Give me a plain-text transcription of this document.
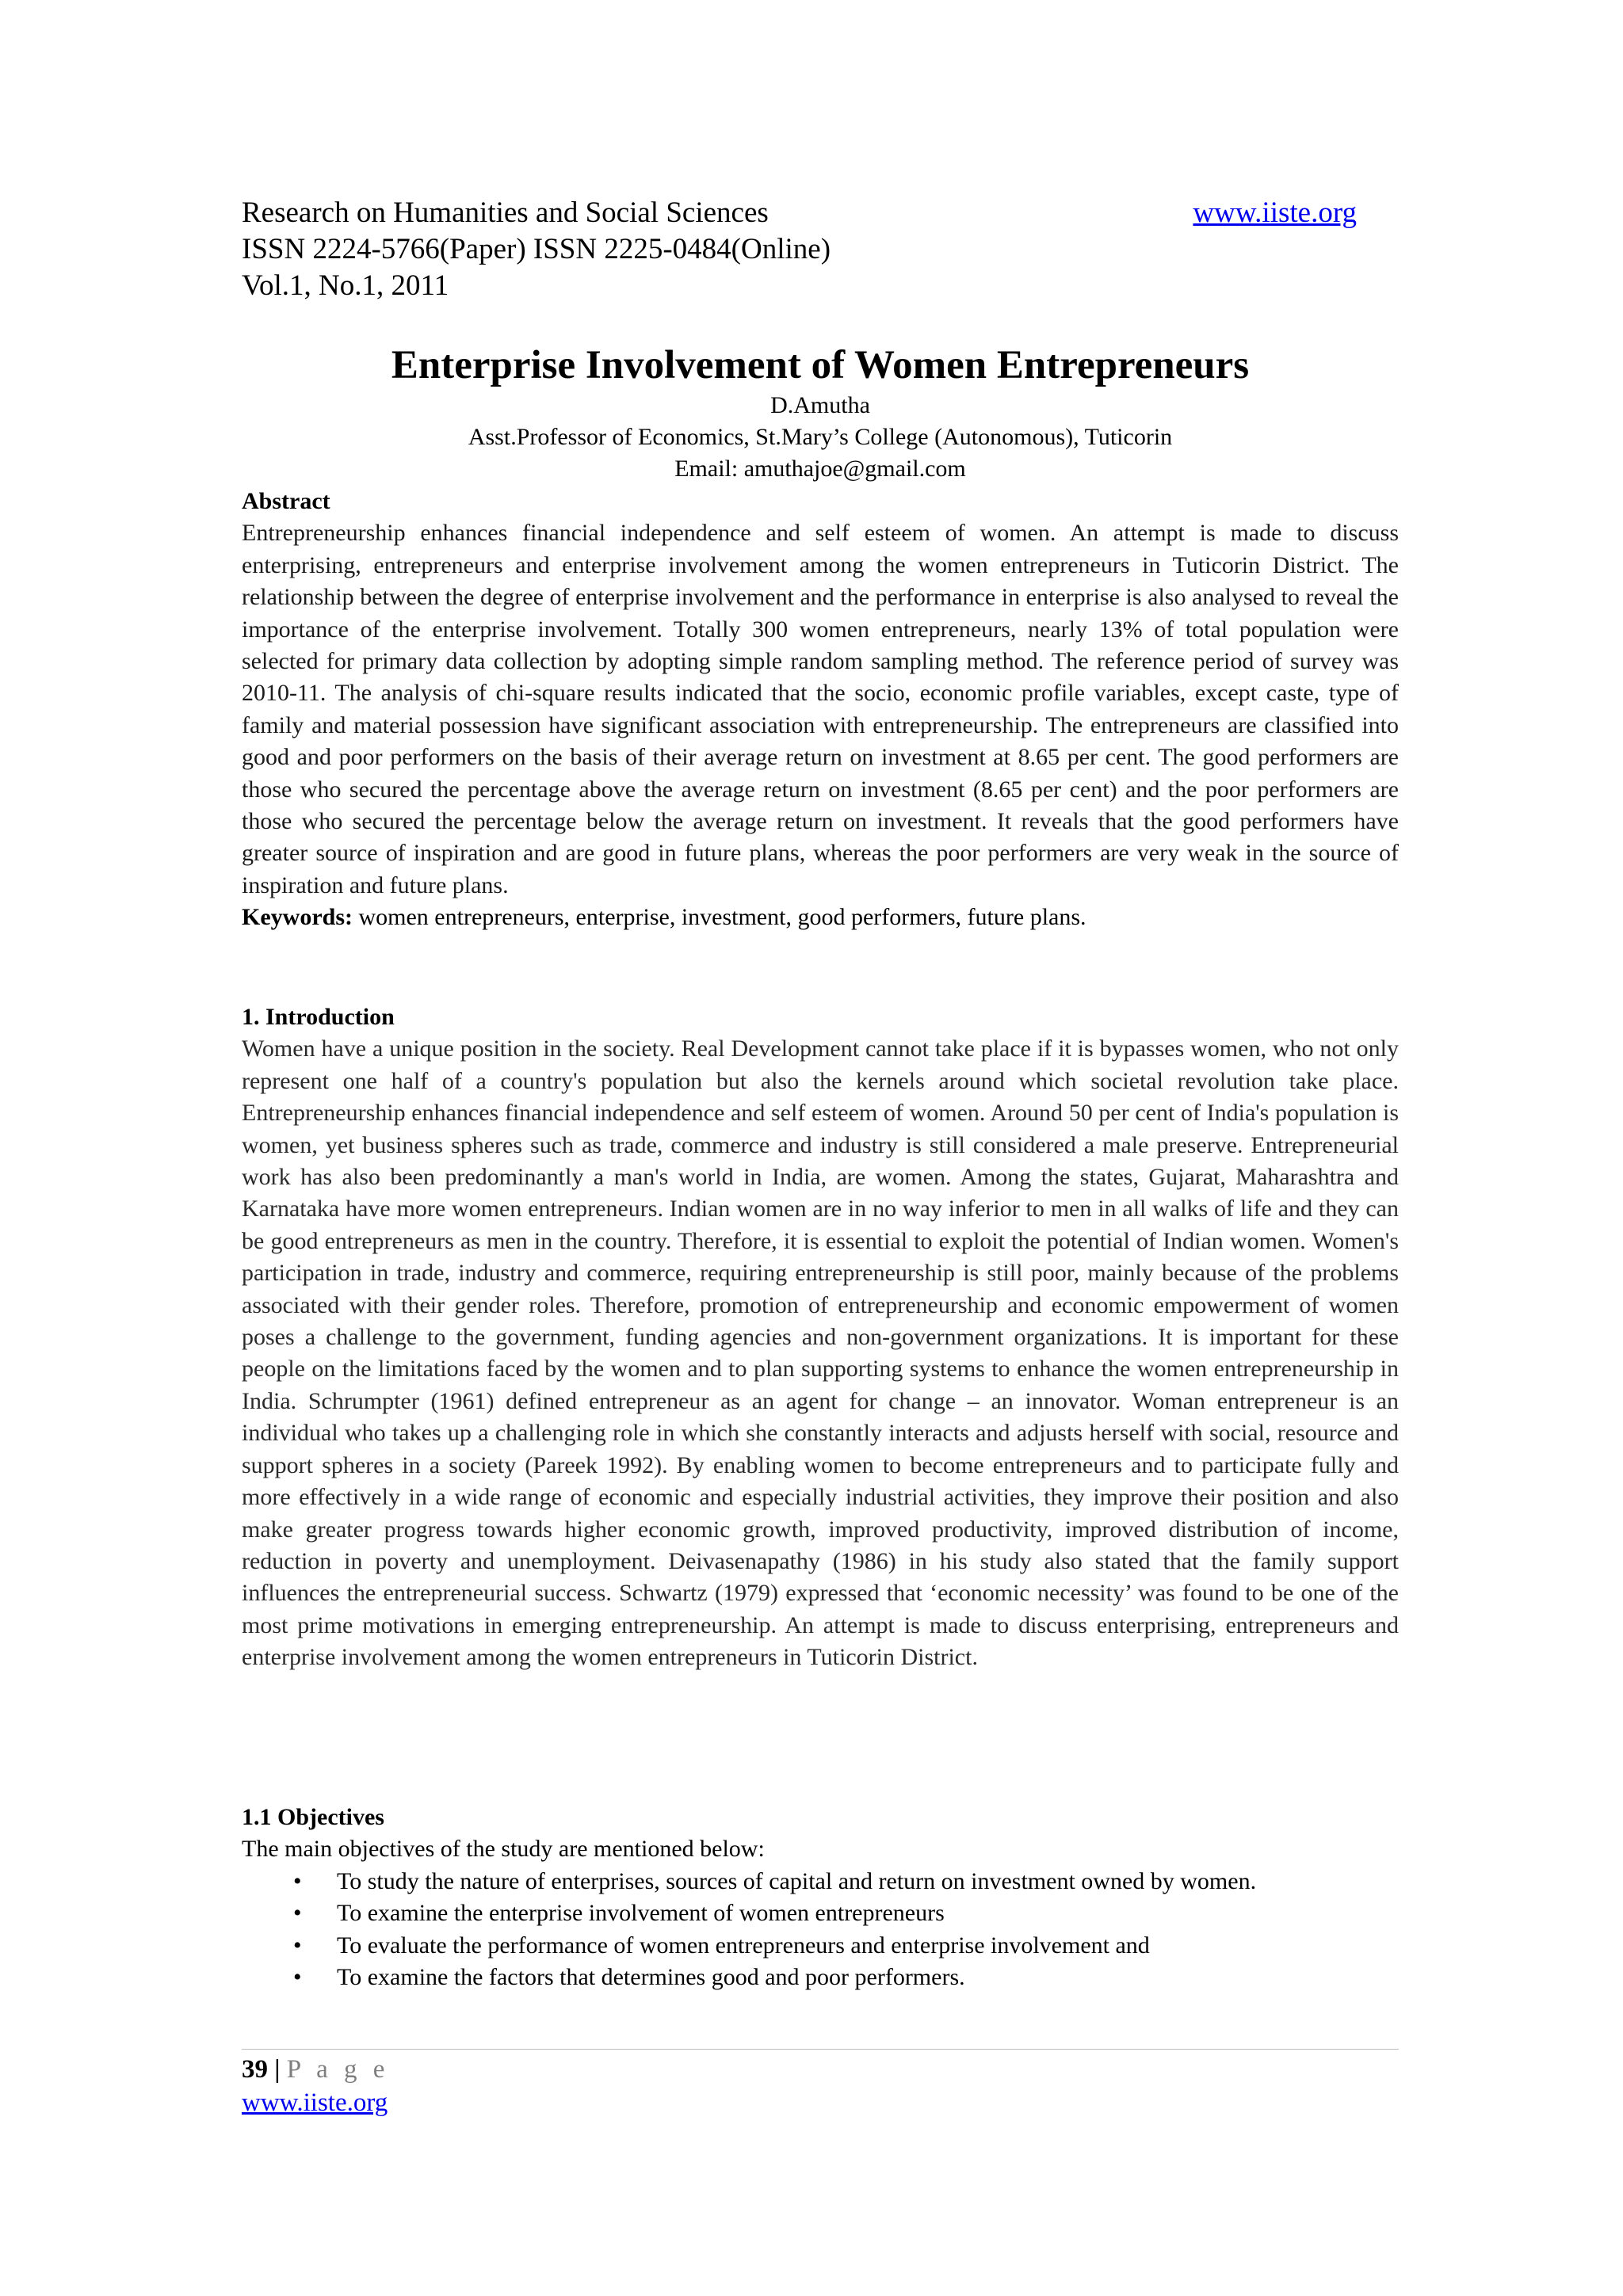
Research on Humanities and Social Sciences	www.iiste.org
ISSN 2224-5766(Paper) ISSN 2225-0484(Online)
Vol.1, No.1, 2011
Enterprise Involvement of Women Entrepreneurs
D.Amutha
Asst.Professor of Economics, St.Mary’s College (Autonomous), Tuticorin
Email: amuthajoe@gmail.com
Abstract

Entrepreneurship enhances financial independence and self esteem of women. An attempt is made to discuss enterprising, entrepreneurs and enterprise involvement among the women entrepreneurs in Tuticorin District. The relationship between the degree of enterprise involvement and the performance in enterprise is also analysed to reveal the importance of the enterprise involvement. Totally 300 women entrepreneurs, nearly 13% of total population were selected for primary data collection by adopting simple random sampling method. The reference period of survey was 2010-11. The analysis of chi-square results indicated that the socio, economic profile variables, except caste, type of family and material possession have significant association with entrepreneurship. The entrepreneurs are classified into good and poor performers on the basis of their average return on investment at 8.65 per cent. The good performers are those who secured the percentage above the average return on investment (8.65 per cent) and the poor performers are those who secured the percentage below the average return on investment. It reveals that the good performers have greater source of inspiration and are good in future plans, whereas the poor performers are very weak in the source of inspiration and future plans.

Keywords: women entrepreneurs, enterprise, investment, good performers, future plans.
1. Introduction

Women have a unique position in the society. Real Development cannot take place if it is bypasses women, who not only represent one half of a country's population but also the kernels around which societal revolution take place. Entrepreneurship enhances financial independence and self esteem of women. Around 50 per cent of India's population is women, yet business spheres such as trade, commerce and industry is still considered a male preserve. Entrepreneurial work has also been predominantly a man's world in India, are women. Among the states, Gujarat, Maharashtra and Karnataka have more women entrepreneurs. Indian women are in no way inferior to men in all walks of life and they can be good entrepreneurs as men in the country. Therefore, it is essential to exploit the potential of Indian women. Women's participation in trade, industry and commerce, requiring entrepreneurship is still poor, mainly because of the problems associated with their gender roles. Therefore, promotion of entrepreneurship and economic empowerment of women poses a challenge to the government, funding agencies and non-government organizations. It is important for these people on the limitations faced by the women and to plan supporting systems to enhance the women entrepreneurship in India. Schrumpter (1961) defined entrepreneur as an agent for change – an innovator. Woman entrepreneur is an individual who takes up a challenging role in which she constantly interacts and adjusts herself with social, resource and support spheres in a society (Pareek 1992). By enabling women to become entrepreneurs and to participate fully and more effectively in a wide range of economic and especially industrial activities, they improve their position and also make greater progress towards higher economic growth, improved productivity, improved distribution of income, reduction in poverty and unemployment. Deivasenapathy (1986) in his study also stated that the family support influences the entrepreneurial success. Schwartz (1979) expressed that ‘economic necessity’ was found to be one of the most prime motivations in emerging entrepreneurship. An attempt is made to discuss enterprising, entrepreneurs and enterprise involvement among the women entrepreneurs in Tuticorin District.

1.1 Objectives
The main objectives of the study are mentioned below:
• To study the nature of enterprises, sources of capital and return on investment owned by women.
• To examine the enterprise involvement of women entrepreneurs
• To evaluate the performance of women entrepreneurs and enterprise involvement and
• To examine the factors that determines good and poor performers.
39 | P a g e
www.iiste.org
